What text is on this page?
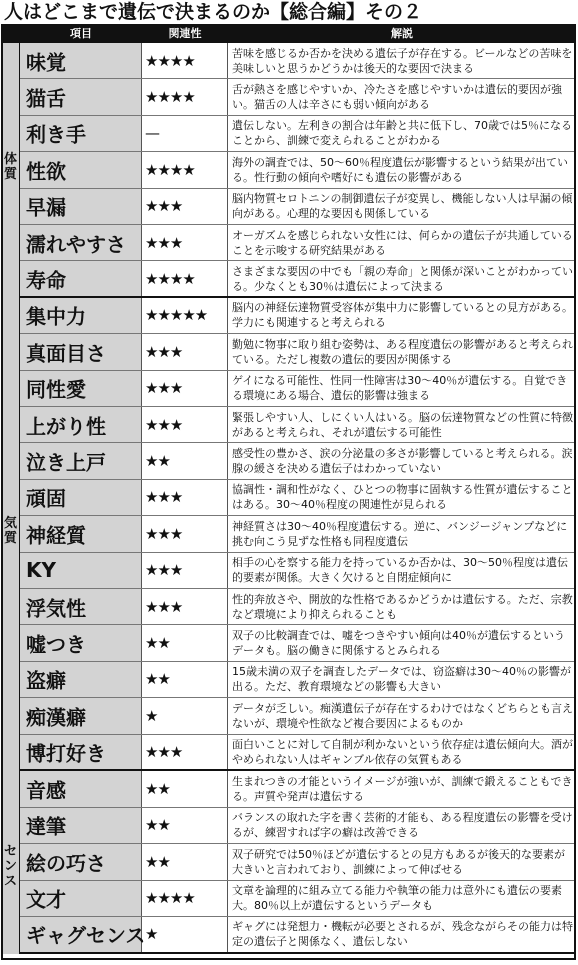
人はどこまで遺伝で決まるのか【総合編】その２
項目	関連性	解説
味覚	★★★★	苦味を感じるか否かを決める遺伝子が存在する。ビールなどの苦味を美味しいと思うかどうかは後天的な要因で決まる
猫舌	★★★★	舌が熱さを感じやすいか、冷たさを感じやすいかは遺伝的要因が強い。猫舌の人は辛さにも弱い傾向がある
利き手	—	遺伝しない。左利きの割合は年齢と共に低下し、70歳では5％になることから、訓練で変えられることがわかる
性欲	★★★★	海外の調査では、50〜60％程度遺伝が影響するという結果が出ている。性行動の傾向や嗜好にも遺伝の影響がある
早漏	★★★	脳内物質セロトニンの制御遺伝子が変異し、機能しない人は早漏の傾向がある。心理的な要因も関係している
濡れやすさ ★★★	オーガズムを感じられない女性には、何らかの遺伝子が共通していることを示唆する研究結果がある
寿命	★★★★	さまざまな要因の中でも「親の寿命」と関係が深いことがわかっている。少なくとも30％は遺伝によって決まる
体
質
集中力	★★★★★ 脳内の神経伝達物質受容体が集中力に影響しているとの見方がある。学力にも関連すると考えられる
真面目さ	★★★	勤勉に物事に取り組む姿勢は、ある程度遺伝の影響があると考えられている。ただし複数の遺伝的要因が関係する
同性愛	★★★	ゲイになる可能性、性同一性障害は30〜40％が遺伝する。自覚できる環境にある場合、遺伝的影響は強まる
上がり性	★★★	緊張しやすい人、しにくい人はいる。脳の伝達物質などの性質に特徴があると考えられ、それが遺伝する可能性
泣き上戸	★★	感受性の豊かさ、涙の分泌量の多さが影響していると考えられる。涙腺の緩さを決める遺伝子はわかっていない
頑固	★★★	協調性・調和性がなく、ひとつの物事に固執する性質が遺伝することはある。30〜40％程度の関連性が見られる
神経質	★★★	神経質さは30〜40％程度遺伝する。逆に、バンジージャンプなどに挑む向こう見ずな性格も同程度遺伝
KY	★★★	相手の心を察する能力を持っているか否かは、30〜50％程度は遺伝的要素が関係。大きく欠けると自閉症傾向に
浮気性	★★★	性的奔放さや、開放的な性格であるかどうかは遺伝する。ただ、宗教など環境により抑えられることも
嘘つき	★★	双子の比較調査では、嘘をつきやすい傾向は40％が遺伝するというデータも。脳の働きに関係するとみられる
盗癖	★★	15歳未満の双子を調査したデータでは、窃盗癖は30〜40％の影響が出る。ただ、教育環境などの影響も大きい
痴漢癖	★	データが乏しい。痴漢遺伝子が存在するわけではなくどちらとも言えないが、環境や性欲など複合要因によるものか
博打好き	★★★	面白いことに対して自制が利かないという依存症は遺伝傾向大。酒がやめられない人はギャンブル依存の気質もある
気
質
音感	★★	生まれつきの才能というイメージが強いが、訓練で鍛えることもできる。声質や発声は遺伝する
達筆	★★	バランスの取れた字を書く芸術的才能も、ある程度遺伝の影響を受けるが、練習すれば字の癖は改善できる
絵の巧さ	★★	双子研究では50％ほどが遺伝するとの見方もあるが後天的な要素が大きいと言われており、訓練によって伸ばせる
文才	★★★★	文章を論理的に組み立てる能力や執筆の能力は意外にも遺伝の要素大。80％以上が遺伝するというデータも
ギャグセンス ★	ギャグには発想力・機転が必要とされるが、残念ながらその能力は特定の遺伝子と関係なく、遺伝しない
セ
ン
ス
